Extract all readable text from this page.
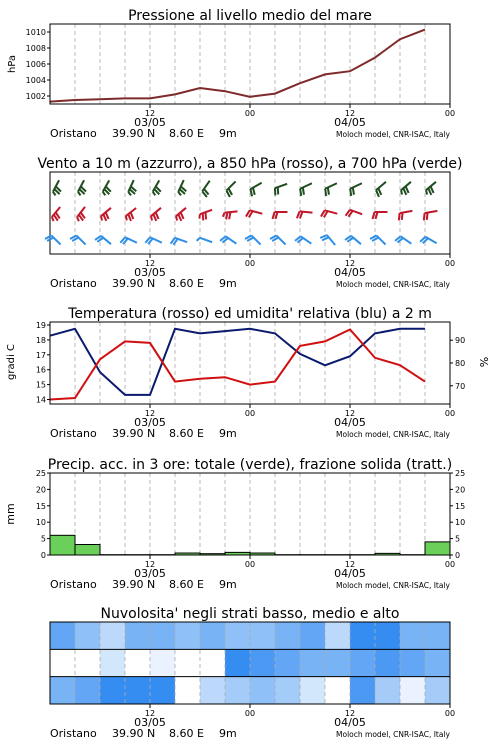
Pressione al livello medio del mare
hPa
1002
1004
1006
1008
1010
12	00	12	00
03/05	04/05
Oristano 39.90 N 8.60 E 9m	Moloch model, CNR-ISAC, Italy
Vento a 10 m (azzurro), a 850 hPa (rosso), a 700 hPa (verde)
12	00	12	00
03/05	04/05
Oristano 39.90 N 8.60 E 9m	Moloch model, CNR-ISAC, Italy
Temperatura (rosso) ed umidita' relativa (blu) a 2 m
gradi C	%
14
15
16
17
18
19
70
80
90
12	00	12	00
03/05	04/05
Oristano 39.90 N 8.60 E 9m	Moloch model, CNR-ISAC, Italy
Precip. acc. in 3 ore: totale (verde), frazione solida (tratt.)
mm
0
5
10
15
20
25
0
5
10
15
20
25
12	00	12	00
03/05	04/05
Oristano 39.90 N 8.60 E 9m	Moloch model, CNR-ISAC, Italy
Nuvolosita' negli strati basso, medio e alto
12	00	12	00
03/05	04/05
Oristano 39.90 N 8.60 E 9m	Moloch model, CNR-ISAC, Italy
